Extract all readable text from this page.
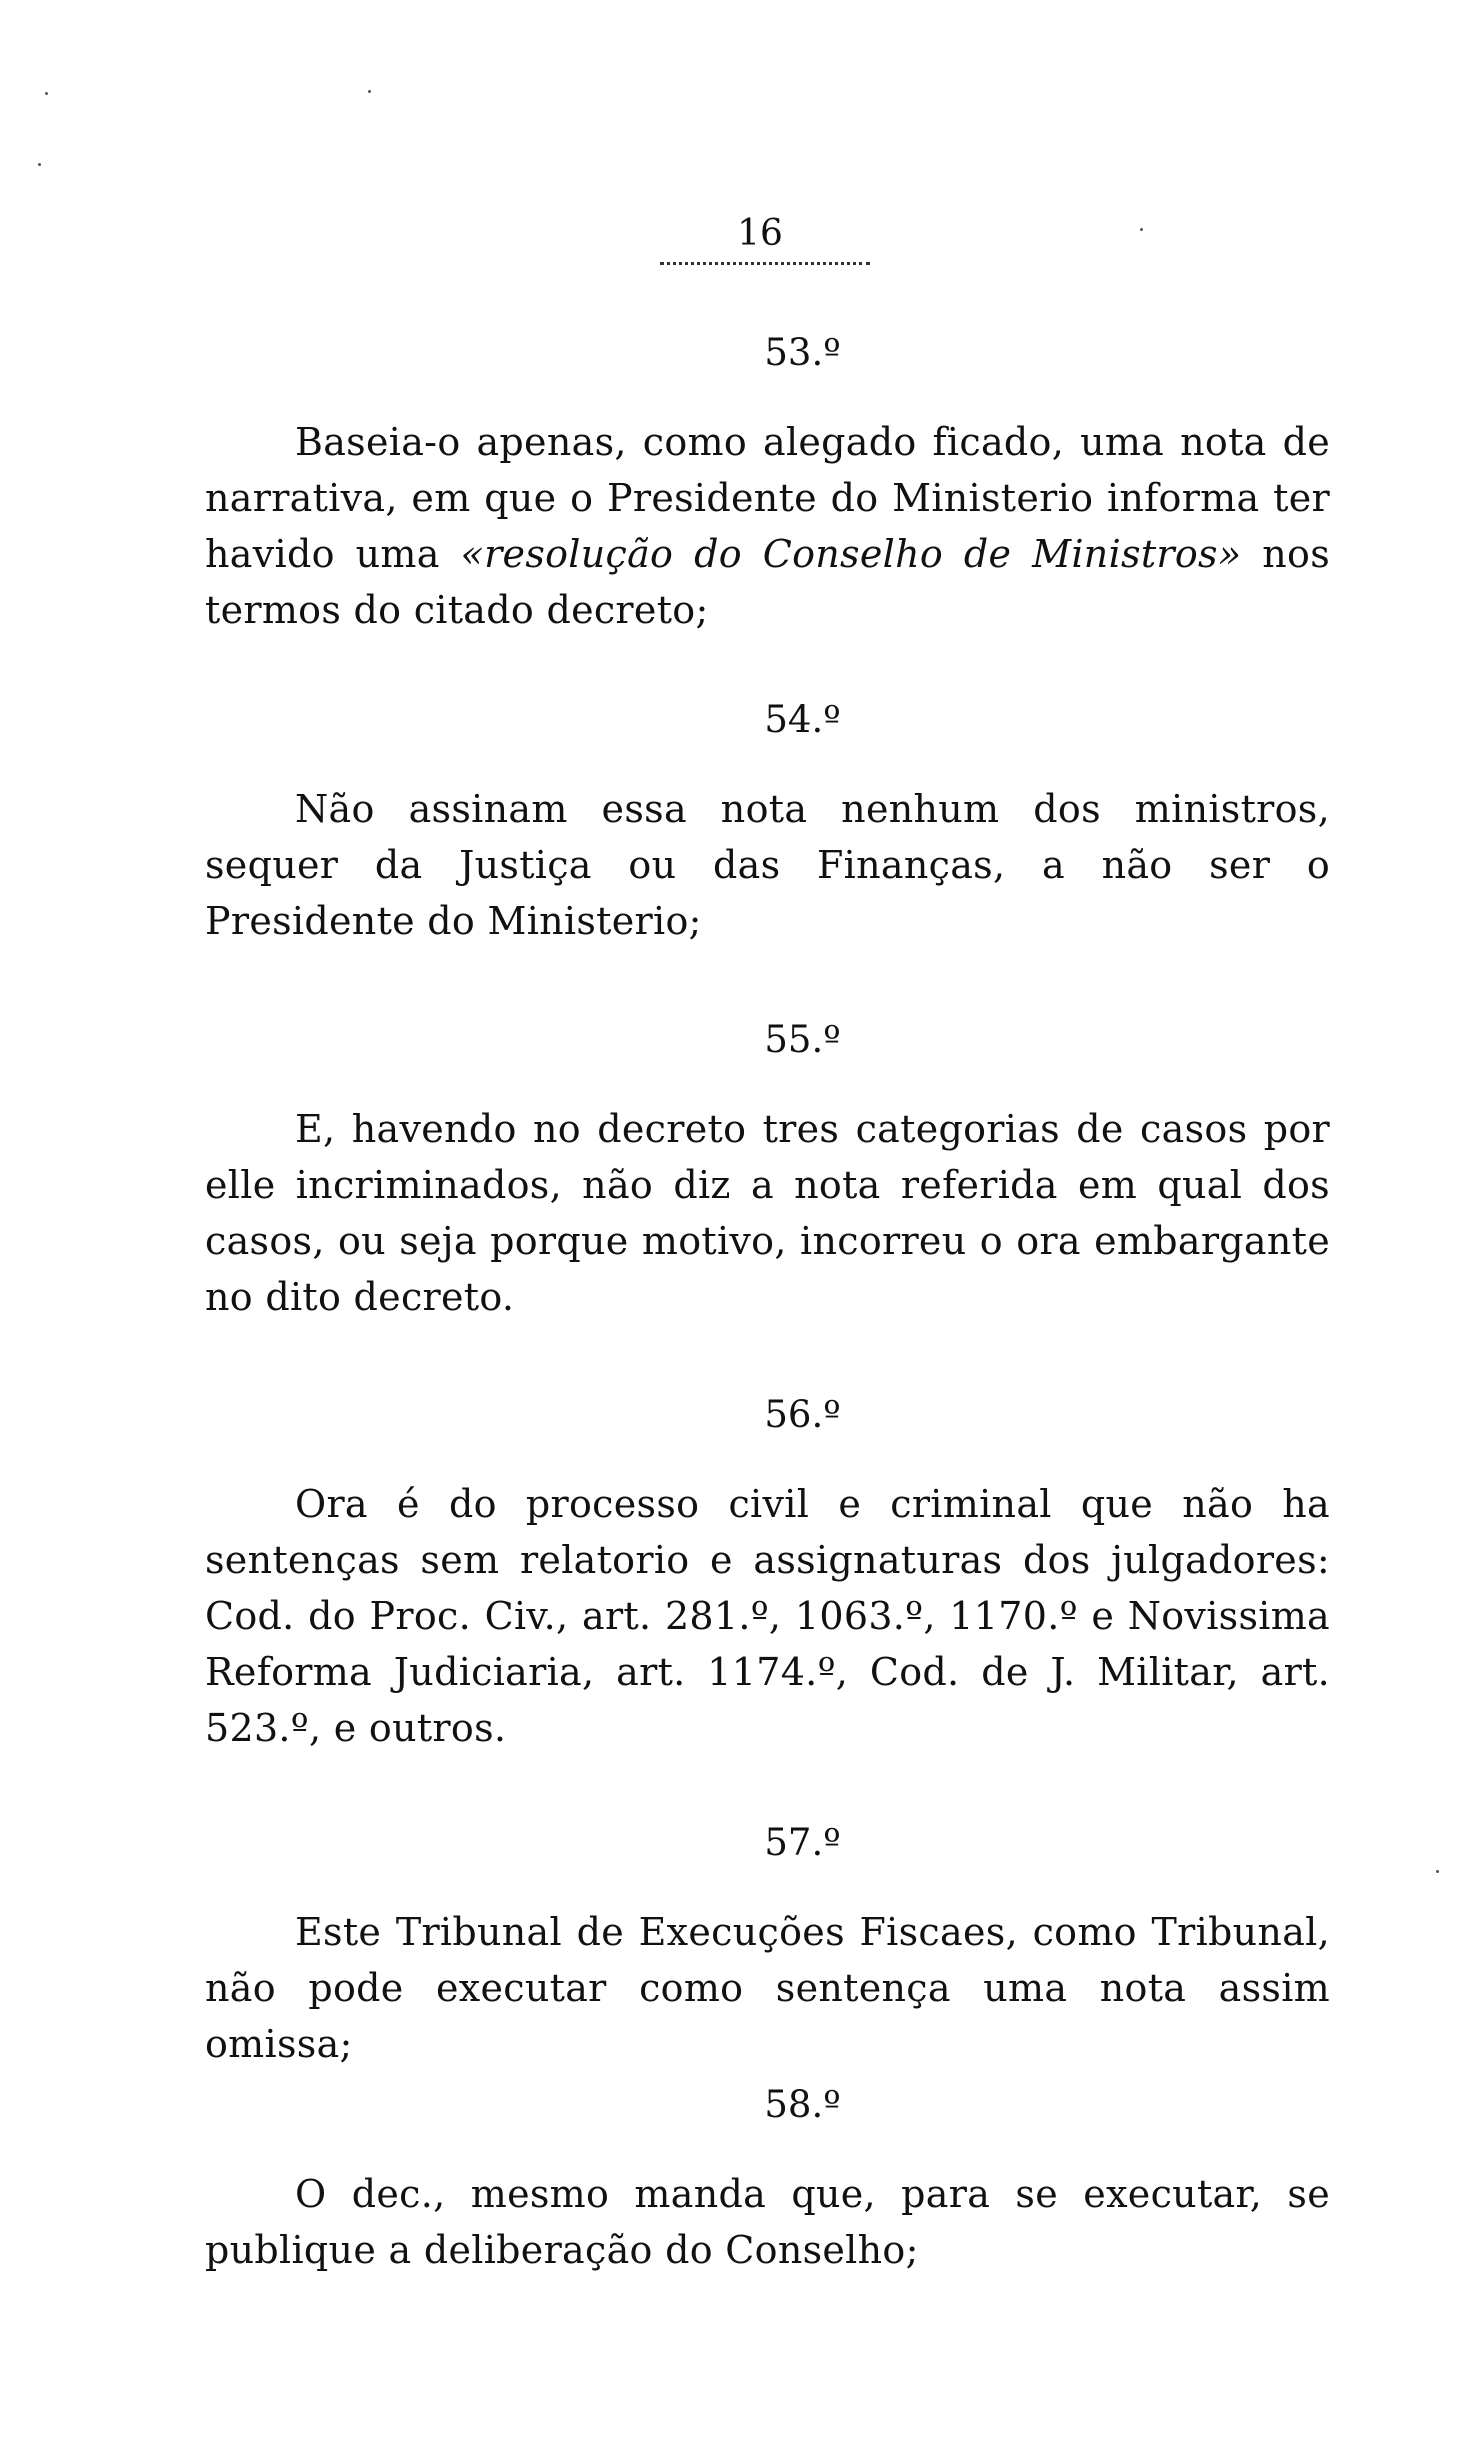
16
53.º
Baseia-o apenas, como alegado ficado, uma nota de narrativa, em que o Presidente do Ministerio informa ter havido uma «resolução do Conselho de Ministros» nos termos do citado decreto;
54.º
Não assinam essa nota nenhum dos ministros, sequer da Justiça ou das Finanças, a não ser o Presidente do Ministerio;
55.º
E, havendo no decreto tres categorias de casos por elle incriminados, não diz a nota referida em qual dos casos, ou seja porque motivo, incorreu o ora embargante no dito decreto.
56.º
Ora é do processo civil e criminal que não ha sentenças sem relatorio e assignaturas dos julgadores: Cod. do Proc. Civ., art. 281.º, 1063.º, 1170.º e Novissima Reforma Judiciaria, art. 1174.º, Cod. de J. Militar, art. 523.º, e outros.
57.º
Este Tribunal de Execuções Fiscaes, como Tribunal, não pode executar como sentença uma nota assim omissa;
58.º
O dec., mesmo manda que, para se executar, se publique a deliberação do Conselho;
